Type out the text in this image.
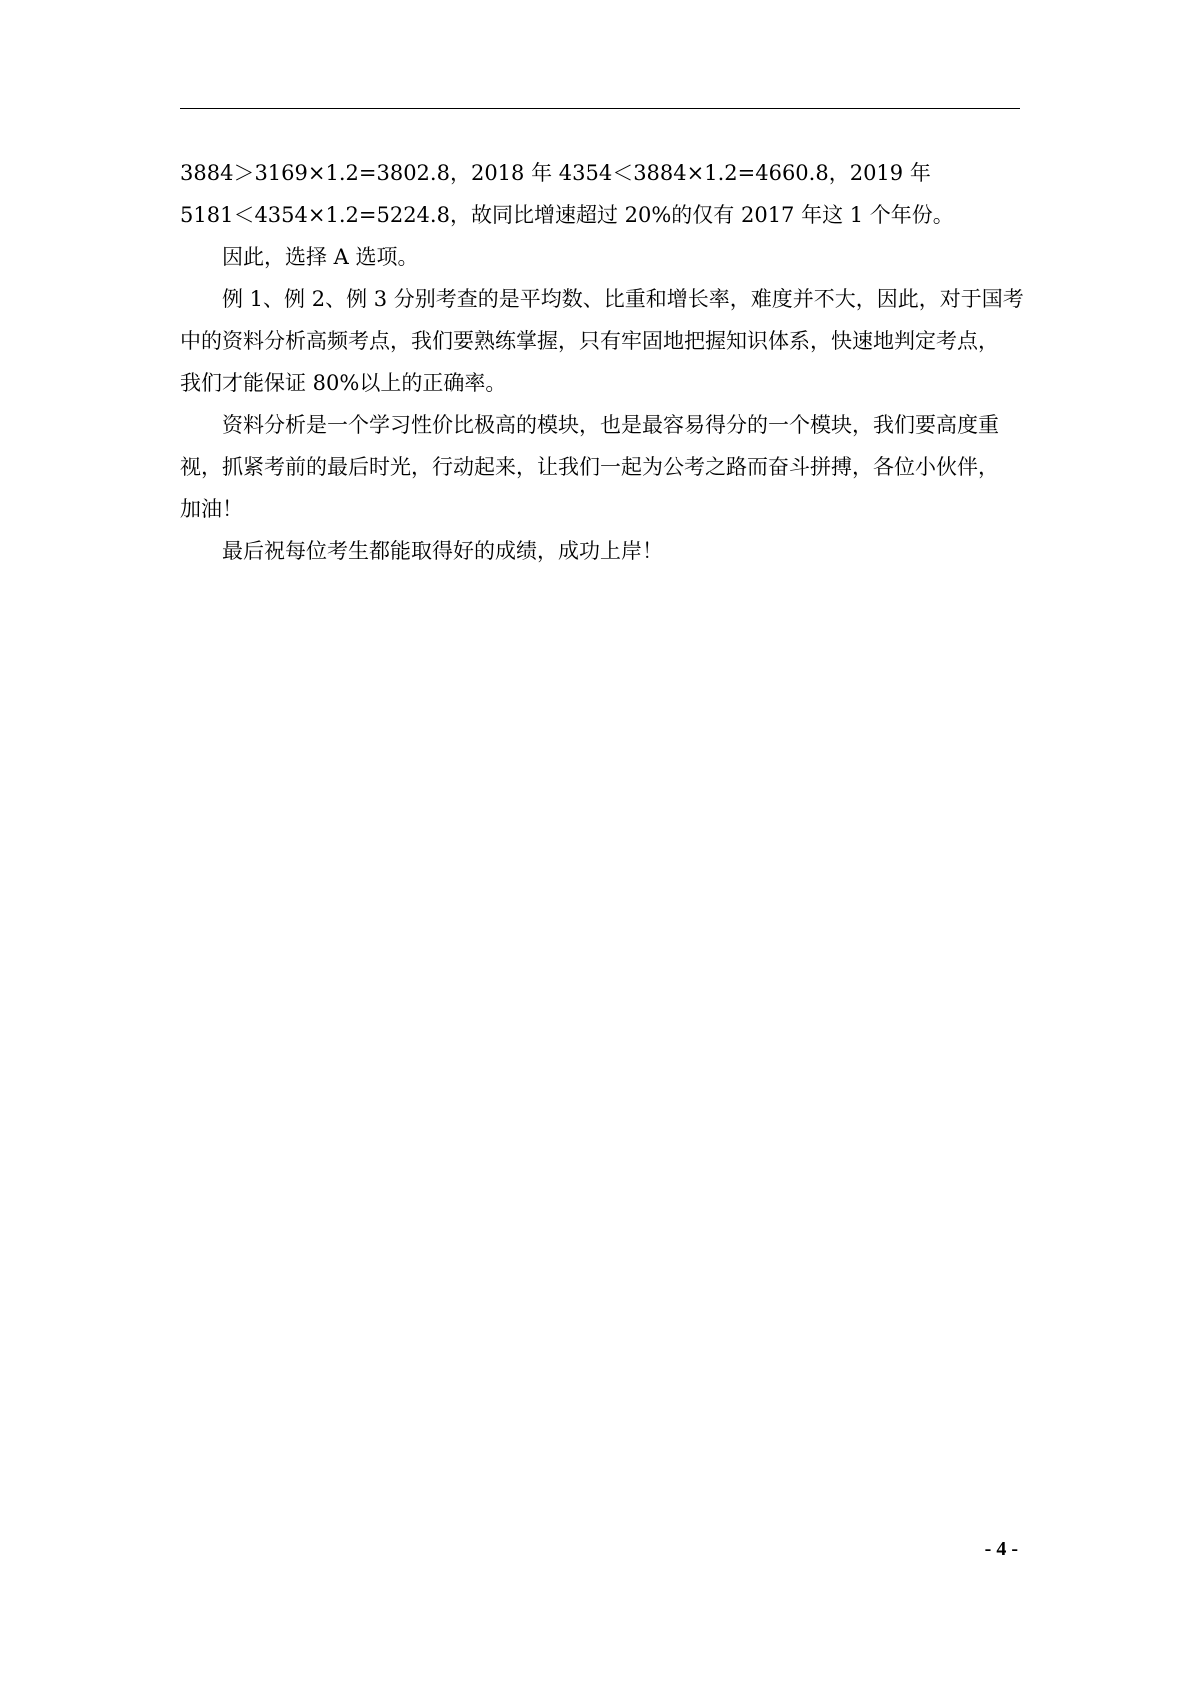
3884＞3169×1.2=3802.8，2018 年 4354＜3884×1.2=4660.8，2019 年
5181＜4354×1.2=5224.8，故同比增速超过 20%的仅有 2017 年这 1 个年份。
因此，选择 A 选项。
例 1、例 2、例 3 分别考查的是平均数、比重和增长率，难度并不大，因此，对于国考
中的资料分析高频考点，我们要熟练掌握，只有牢固地把握知识体系，快速地判定考点，
我们才能保证 80%以上的正确率。
资料分析是一个学习性价比极高的模块，也是最容易得分的一个模块，我们要高度重
视，抓紧考前的最后时光，行动起来，让我们一起为公考之路而奋斗拼搏，各位小伙伴，
加油！
最后祝每位考生都能取得好的成绩，成功上岸！
- 4 -
